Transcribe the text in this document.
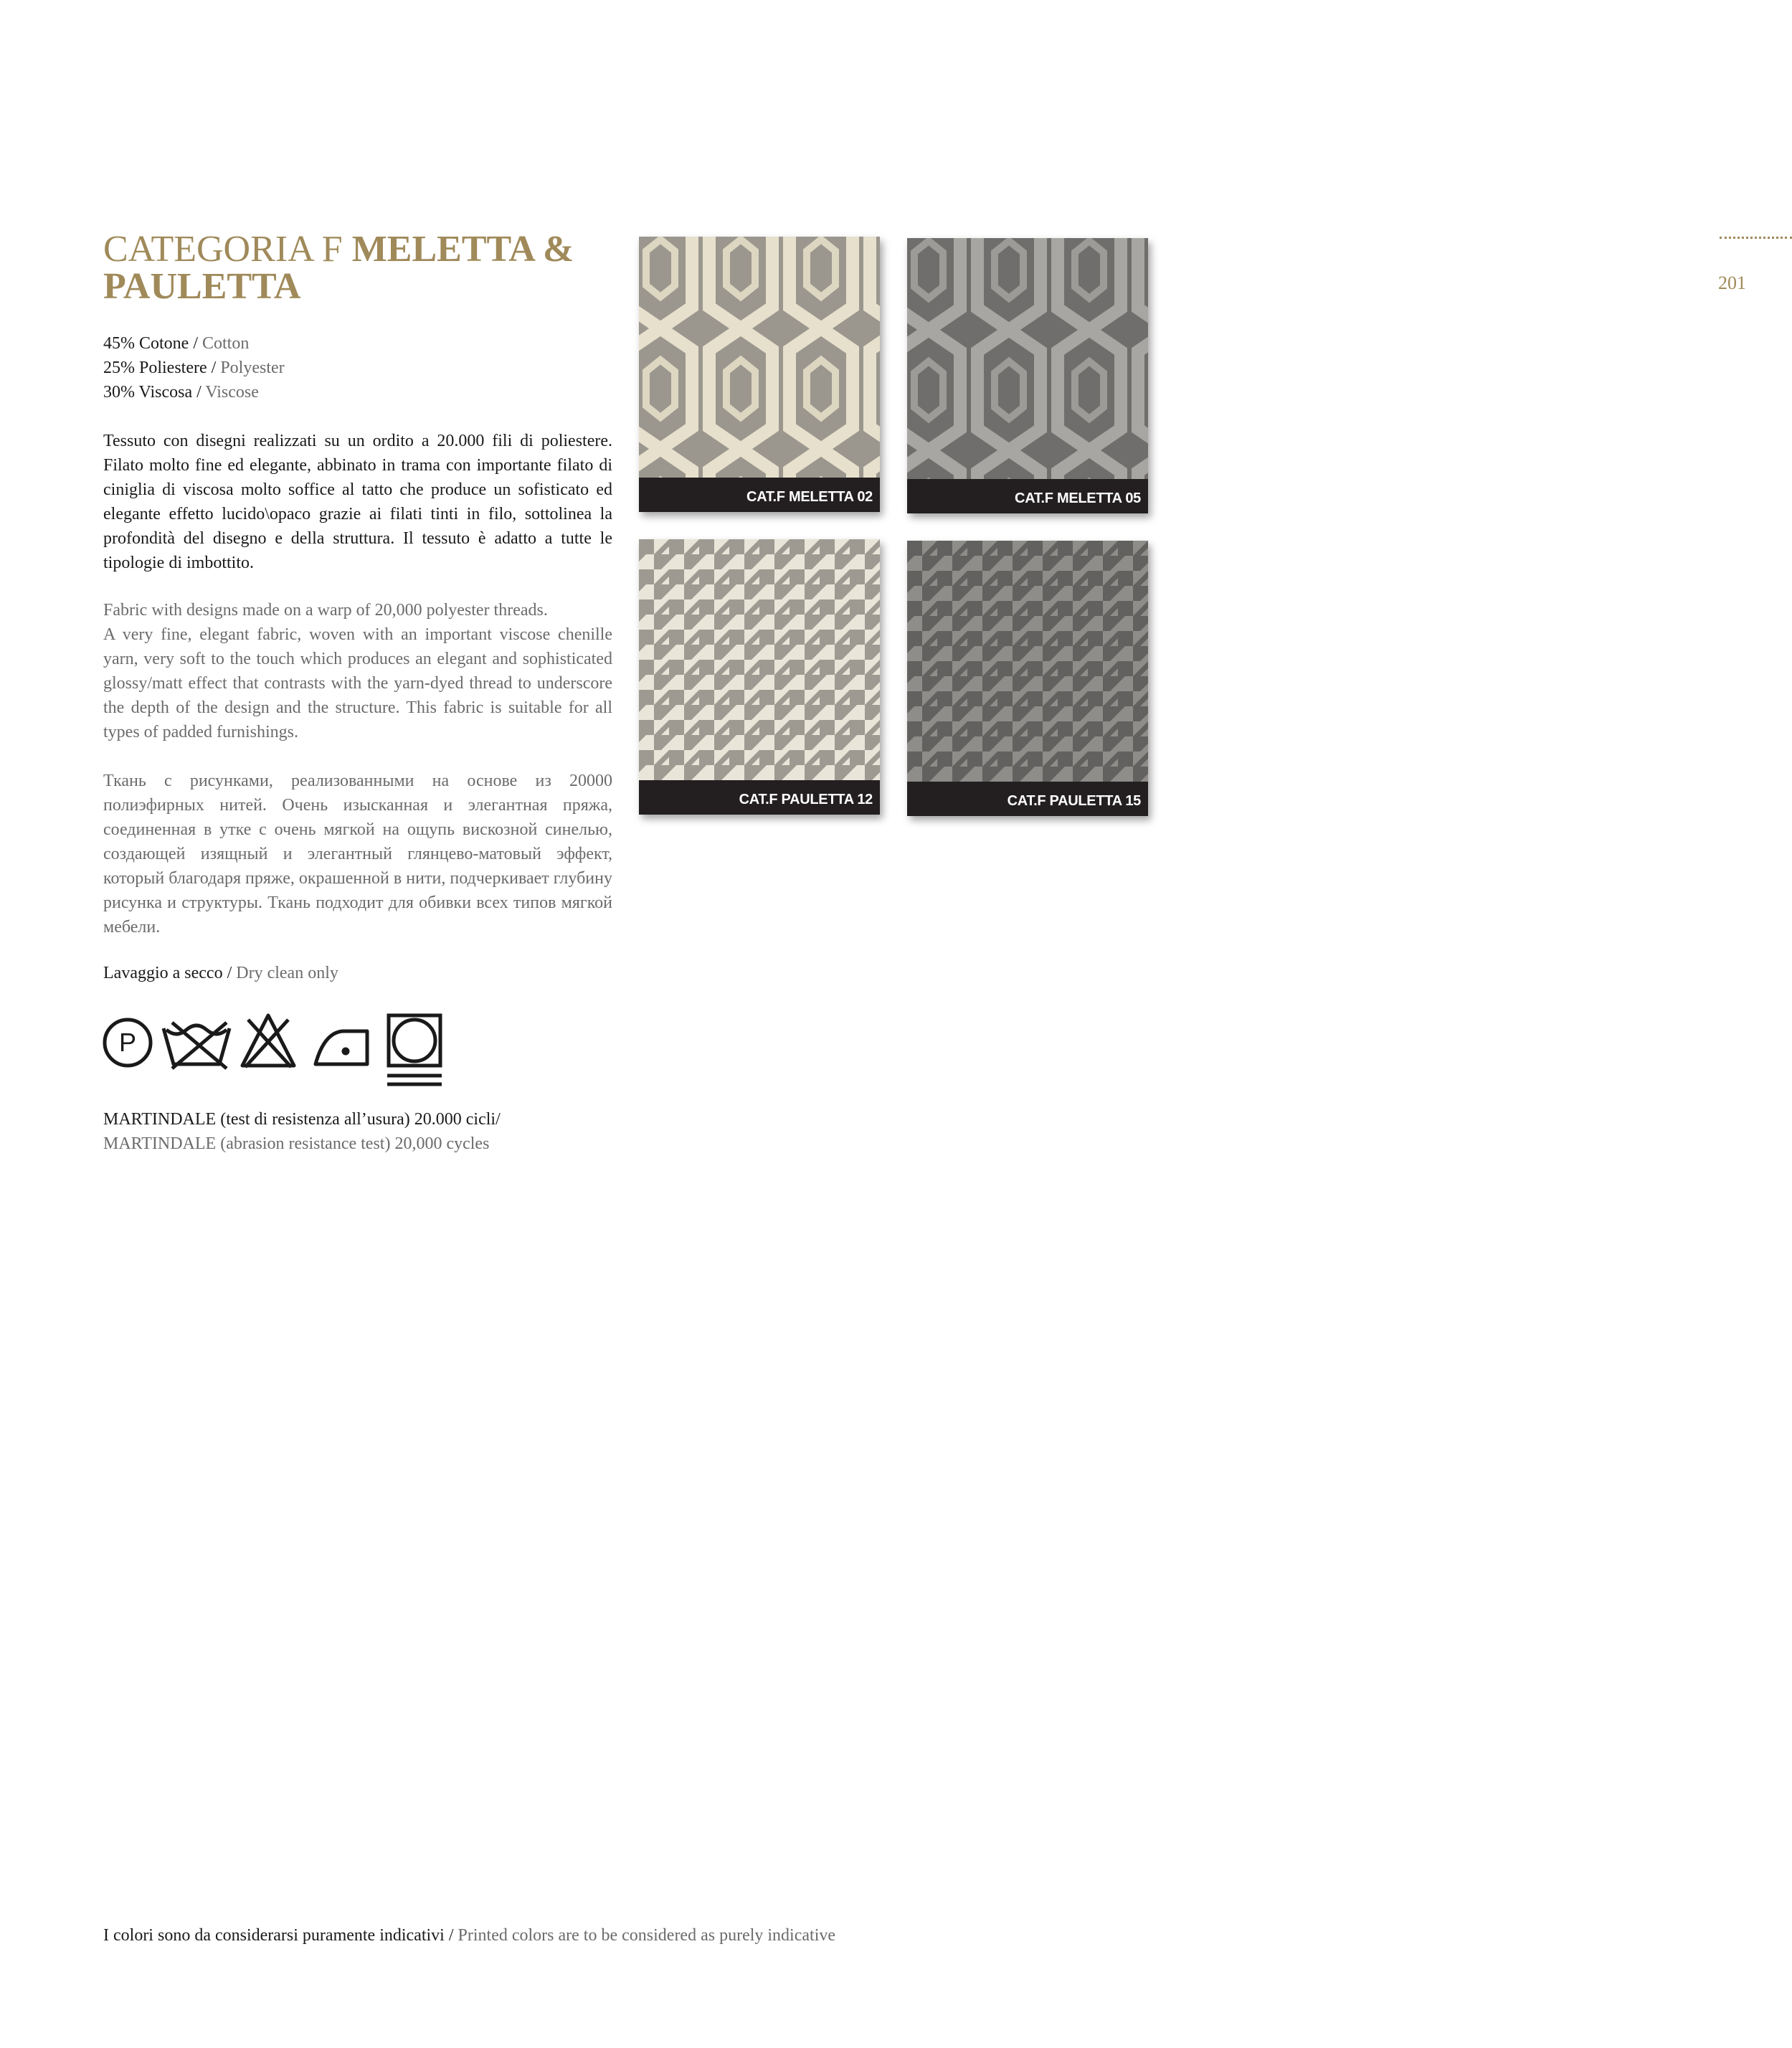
CATEGORIA F MELETTA & PAULETTA

45% Cotone / Cotton

25% Poliestere / Polyester

30% Viscosa / Viscose

Tessuto con disegni realizzati su un ordito a 20.000 fili di poliestere. Filato molto fine ed elegante, abbinato in trama con importante filato di ciniglia di viscosa molto soffice al tatto che produce un sofisticato ed elegante effetto lucido\opaco grazie ai filati tinti in filo, sottolinea la profondità del disegno e della struttura. Il tessuto è adatto a tutte le tipologie di imbottito.

Fabric with designs made on a warp of 20,000 polyester threads.

A very fine, elegant fabric, woven with an important viscose chenille yarn, very soft to the touch which produces an elegant and sophisticated glossy/matt effect that contrasts with the yarn-dyed thread to underscore the depth of the design and the structure. This fabric is suitable for all types of padded furnishings.

Ткань с рисунками, реализованными на основе из 20000 полиэфирных нитей. Очень изысканная и элегантная пряжа, соединенная в утке с очень мягкой на ощупь вискозной синелью, создающей изящный и элегантный глянцево-матовый эффект, который благодаря пряже, окрашенной в нити, подчеркивает глубину рисунка и структуры. Ткань подходит для обивки всех типов мягкой мебели.
Lavaggio a secco / Dry clean only
P

MARTINDALE (test di resistenza all’usura) 20.000 cicli/

MARTINDALE (abrasion resistance test) 20,000 cycles

CAT.F MELETTA 02	CAT.F MELETTA 05
CAT.F PAULETTA 12	CAT.F PAULETTA 15
201
I colori sono da considerarsi puramente indicativi / Printed colors are to be considered as purely indicative
